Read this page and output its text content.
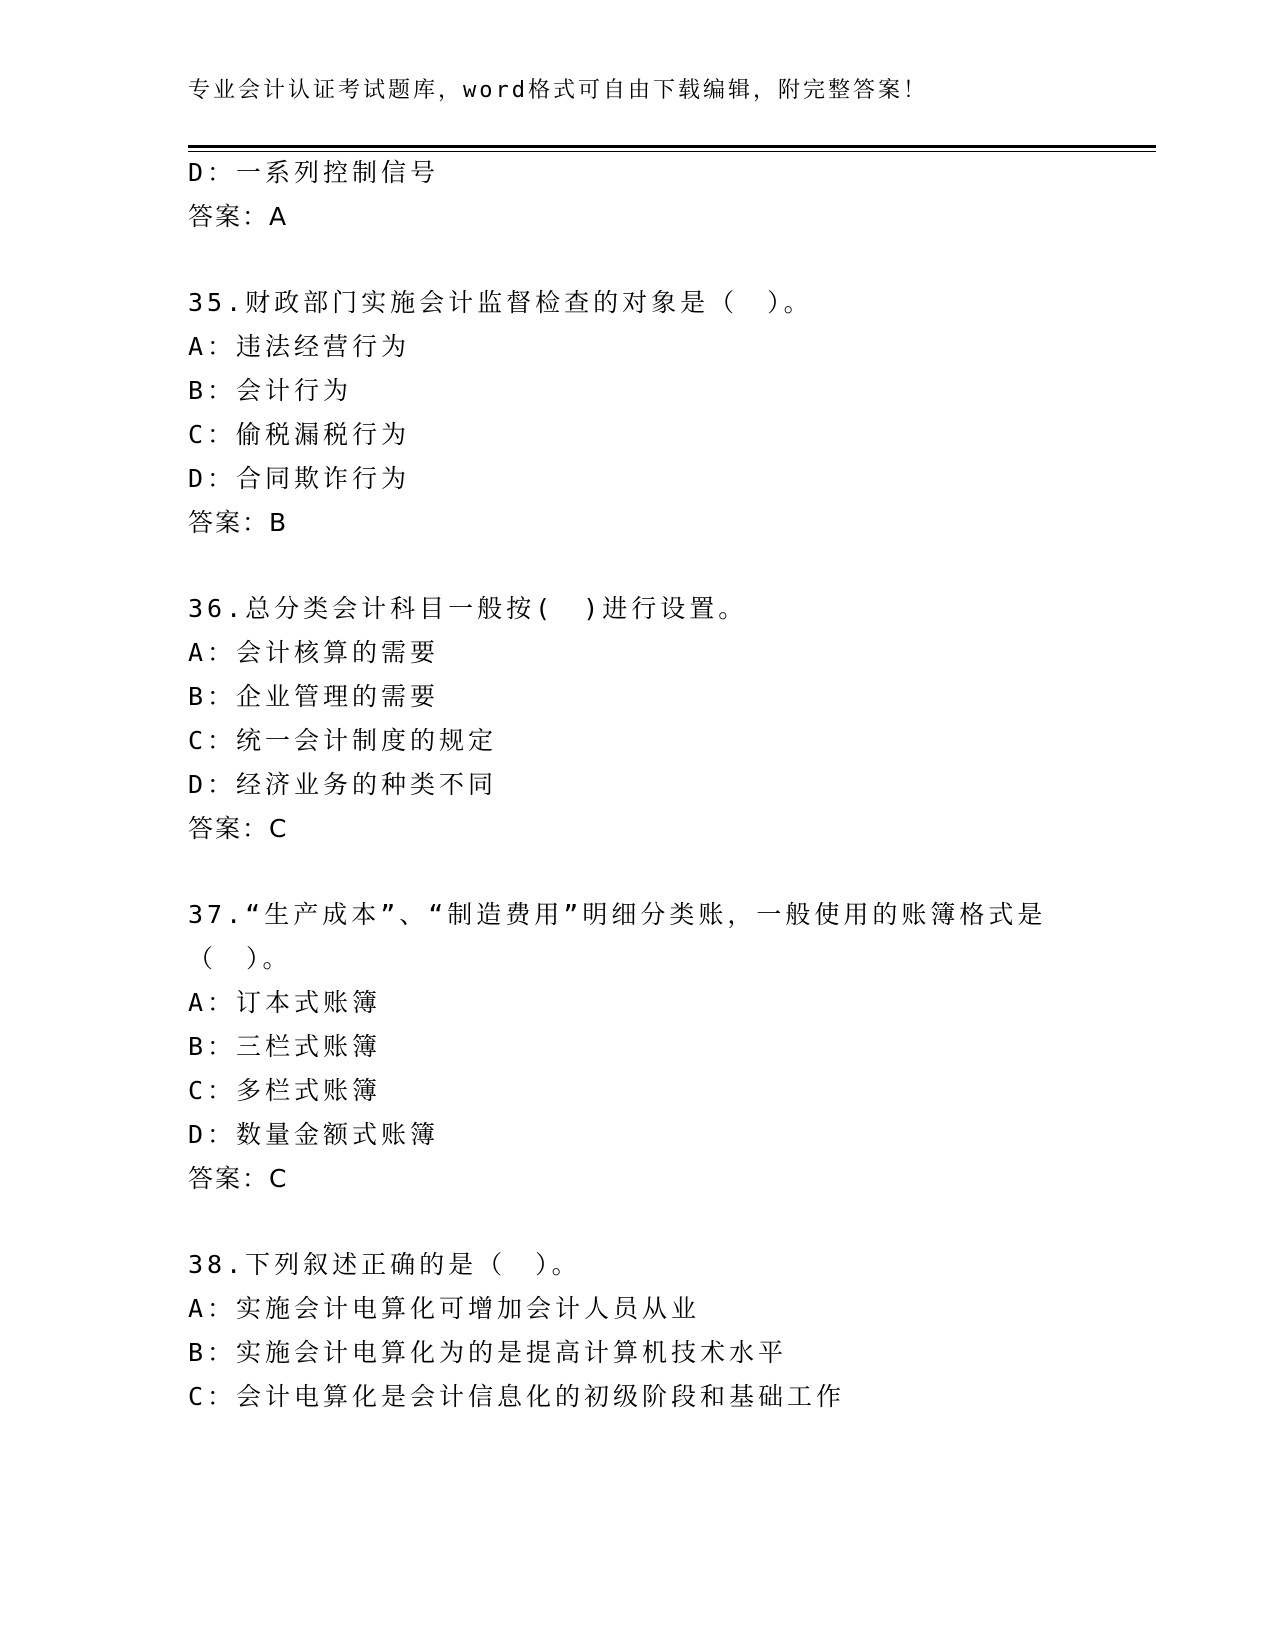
专业会计认证考试题库，word格式可自由下载编辑，附完整答案！
D：一系列控制信号
答案：A
35.财政部门实施会计监督检查的对象是（　）。
A：违法经营行为
B：会计行为
C：偷税漏税行为
D：合同欺诈行为
答案：B
36.总分类会计科目一般按(　)进行设置。
A：会计核算的需要
B：企业管理的需要
C：统一会计制度的规定
D：经济业务的种类不同
答案：C
37.“生产成本”、“制造费用”明细分类账，一般使用的账簿格式是
（　）。
A：订本式账簿
B：三栏式账簿
C：多栏式账簿
D：数量金额式账簿
答案：C
38.下列叙述正确的是（　）。
A：实施会计电算化可增加会计人员从业
B：实施会计电算化为的是提高计算机技术水平
C：会计电算化是会计信息化的初级阶段和基础工作
